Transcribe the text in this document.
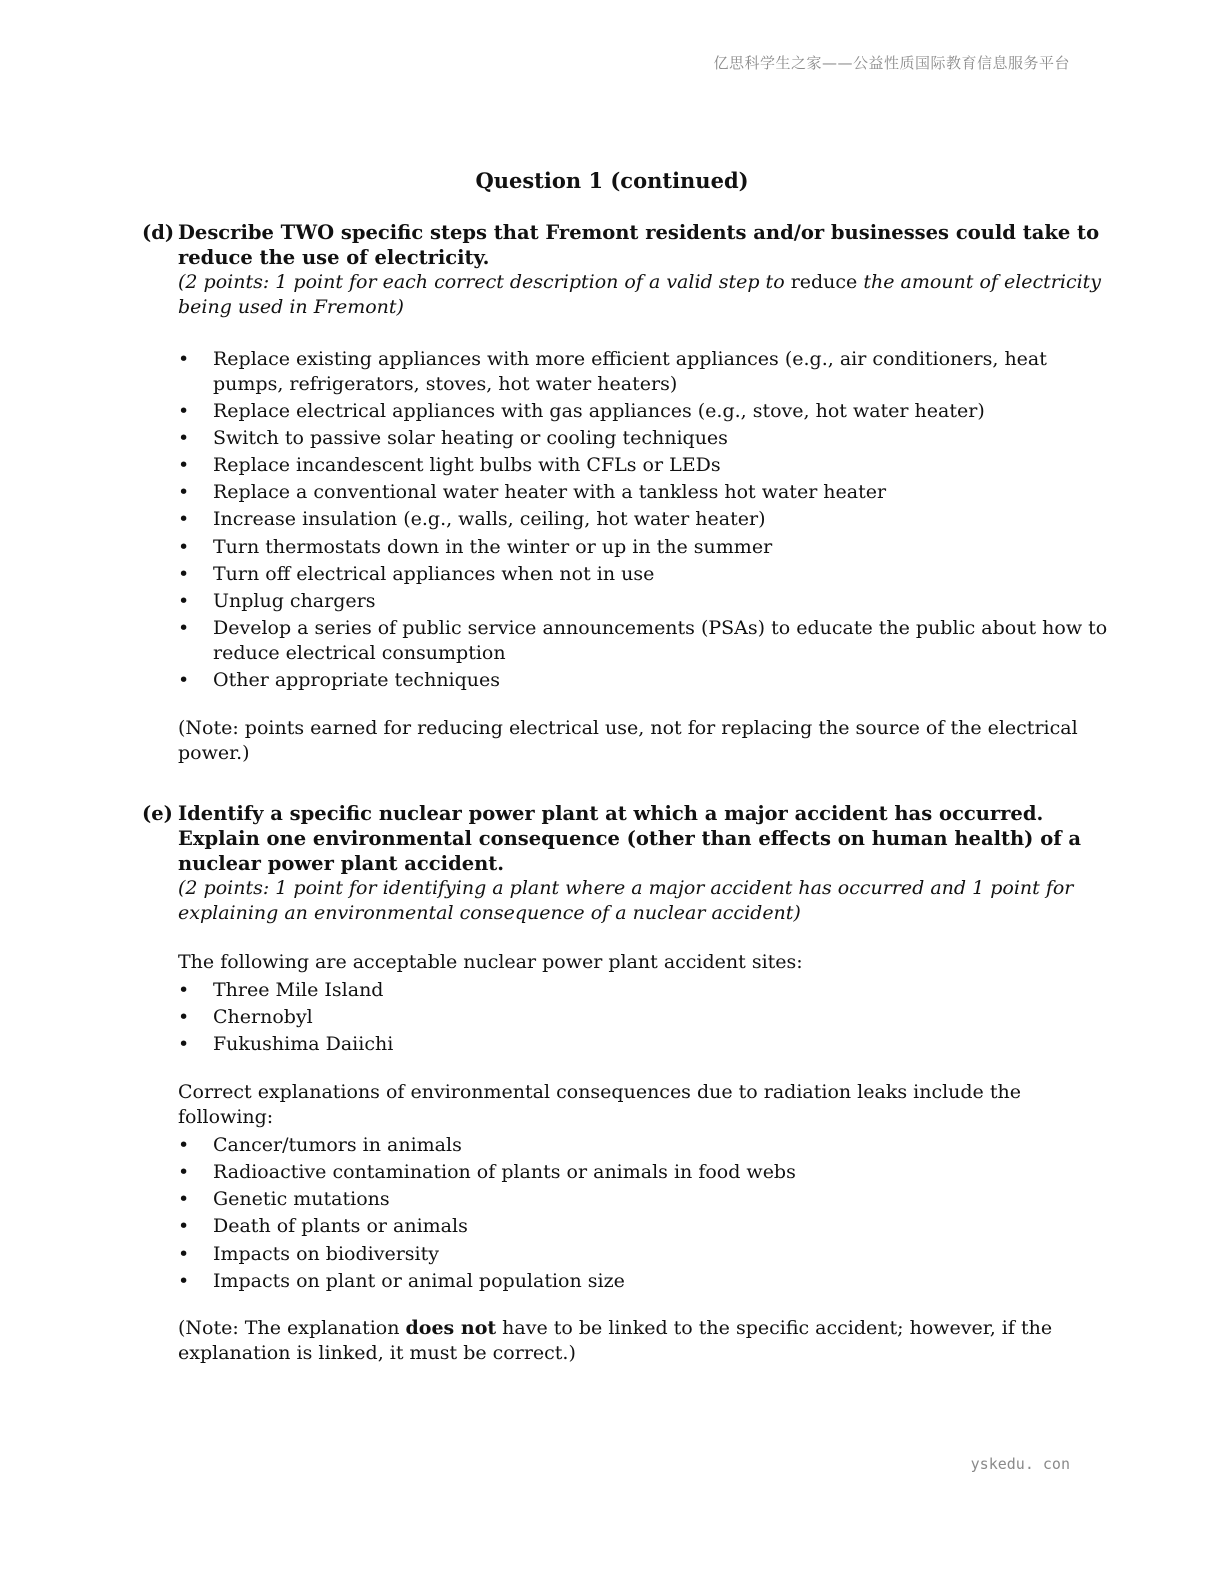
亿思科学生之家——公益性质国际教育信息服务平台
Question 1 (continued)
(d) Describe TWO specific steps that Fremont residents and/or businesses could take to reduce the use of electricity.
(2 points: 1 point for each correct description of a valid step to reduce the amount of electricity being used in Fremont)
• Replace existing appliances with more efficient appliances (e.g., air conditioners, heat pumps, refrigerators, stoves, hot water heaters)
• Replace electrical appliances with gas appliances (e.g., stove, hot water heater)
• Switch to passive solar heating or cooling techniques
• Replace incandescent light bulbs with CFLs or LEDs
• Replace a conventional water heater with a tankless hot water heater
• Increase insulation (e.g., walls, ceiling, hot water heater)
• Turn thermostats down in the winter or up in the summer
• Turn off electrical appliances when not in use
• Unplug chargers
• Develop a series of public service announcements (PSAs) to educate the public about how to reduce electrical consumption
• Other appropriate techniques
(Note: points earned for reducing electrical use, not for replacing the source of the electrical power.)
(e) Identify a specific nuclear power plant at which a major accident has occurred. Explain one environmental consequence (other than effects on human health) of a nuclear power plant accident.
(2 points: 1 point for identifying a plant where a major accident has occurred and 1 point for explaining an environmental consequence of a nuclear accident)
The following are acceptable nuclear power plant accident sites:
• Three Mile Island
• Chernobyl
• Fukushima Daiichi
Correct explanations of environmental consequences due to radiation leaks include the following:
• Cancer/tumors in animals
• Radioactive contamination of plants or animals in food webs
• Genetic mutations
• Death of plants or animals
• Impacts on biodiversity
• Impacts on plant or animal population size
(Note: The explanation does not have to be linked to the specific accident; however, if the explanation is linked, it must be correct.)
yskedu. con
